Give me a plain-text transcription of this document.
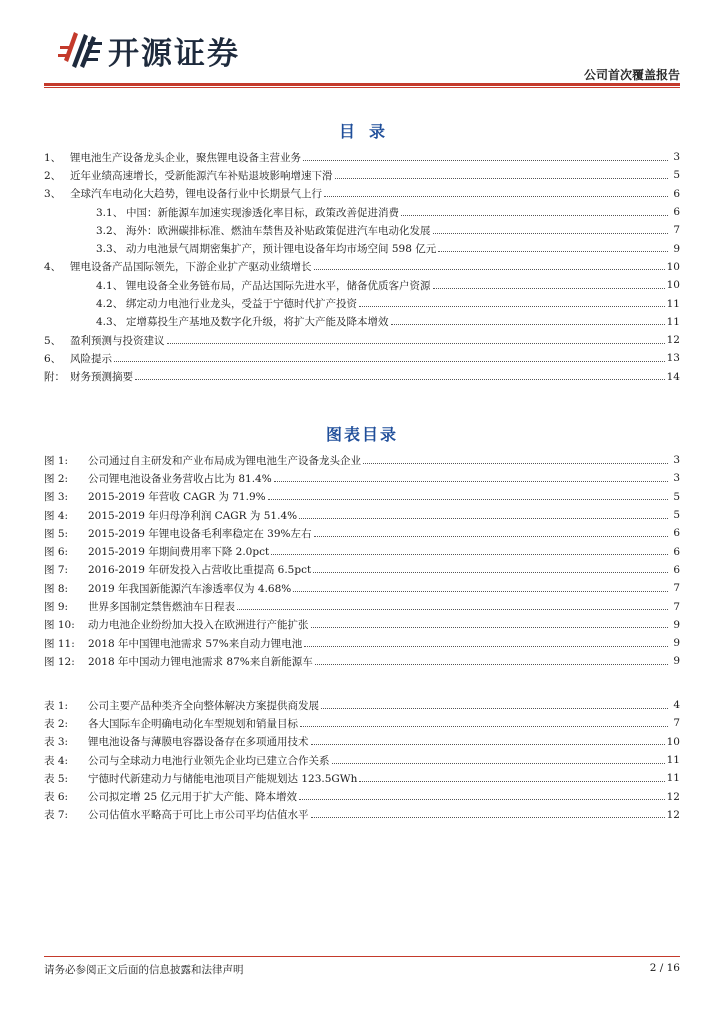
开源证券
公司首次覆盖报告
目录
1、 锂电池生产设备龙头企业，聚焦锂电设备主营业务	3
2、 近年业绩高速增长，受新能源汽车补贴退坡影响增速下滑	5
3、 全球汽车电动化大趋势，锂电设备行业中长期景气上行	6
3.1、 中国：新能源车加速实现渗透化率目标，政策改善促进消费	6
3.2、 海外：欧洲碳排标准、燃油车禁售及补贴政策促进汽车电动化发展	7
3.3、 动力电池景气周期密集扩产，预计锂电设备年均市场空间 598 亿元	9
4、 锂电设备产品国际领先，下游企业扩产驱动业绩增长	10
4.1、 锂电设备全业务链布局，产品达国际先进水平，储备优质客户资源	10
4.2、 绑定动力电池行业龙头，受益于宁德时代扩产投资	11
4.3、 定增募投生产基地及数字化升级，将扩大产能及降本增效	11
5、 盈利预测与投资建议	12
6、 风险提示	13
附： 财务预测摘要	14
图表目录
图 1:	公司通过自主研发和产业布局成为锂电池生产设备龙头企业	3
图 2:	公司锂电池设备业务营收占比为 81.4%	3
图 3:	2015-2019 年营收 CAGR 为 71.9%	5
图 4:	2015-2019 年归母净利润 CAGR 为 51.4%	5
图 5:	2015-2019 年锂电设备毛利率稳定在 39%左右	6
图 6:	2015-2019 年期间费用率下降 2.0pct	6
图 7:	2016-2019 年研发投入占营收比重提高 6.5pct	6
图 8:	2019 年我国新能源汽车渗透率仅为 4.68%	7
图 9:	世界多国制定禁售燃油车日程表	7
图 10:	动力电池企业纷纷加大投入在欧洲进行产能扩张	9
图 11:	2018 年中国锂电池需求 57%来自动力锂电池	9
图 12:	2018 年中国动力锂电池需求 87%来自新能源车	9
表 1:	公司主要产品种类齐全向整体解决方案提供商发展	4
表 2:	各大国际车企明确电动化车型规划和销量目标	7
表 3:	锂电池设备与薄膜电容器设备存在多项通用技术	10
表 4:	公司与全球动力电池行业领先企业均已建立合作关系	11
表 5:	宁德时代新建动力与储能电池项目产能规划达 123.5GWh	11
表 6:	公司拟定增 25 亿元用于扩大产能、降本增效	12
表 7:	公司估值水平略高于可比上市公司平均估值水平	12
请务必参阅正文后面的信息披露和法律声明	2 / 16
